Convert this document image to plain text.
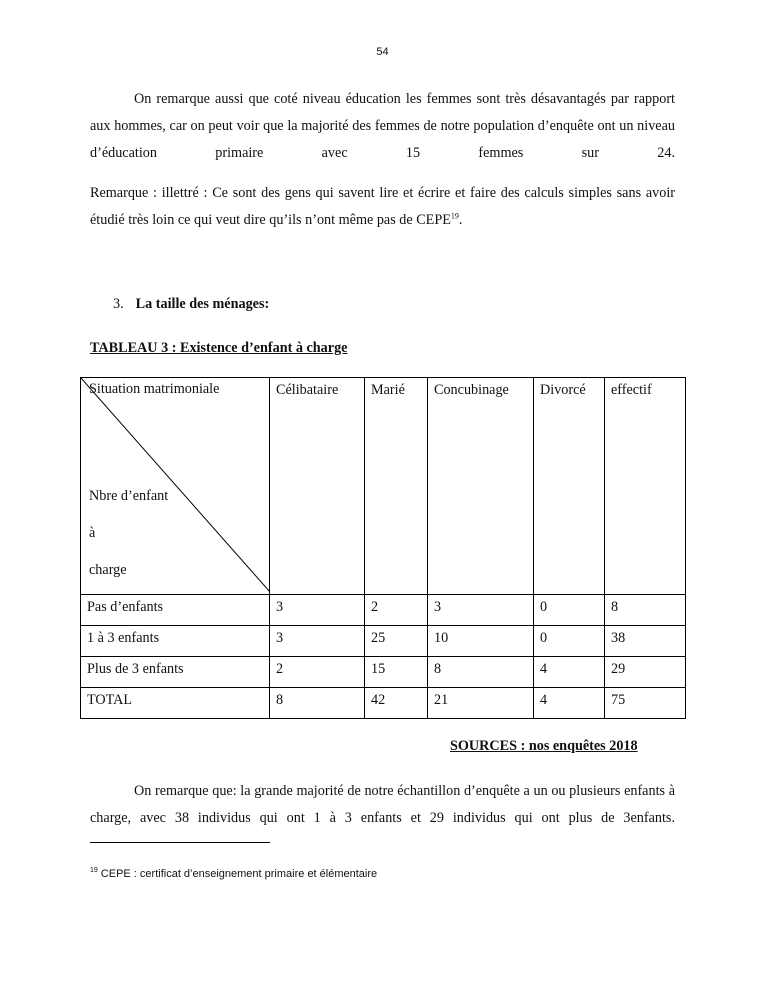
54

On remarque aussi que coté niveau éducation les femmes sont très désavantagés par rapport aux hommes, car on peut voir que la majorité des femmes de notre population d’enquête ont un niveau d’éducation primaire avec 15 femmes sur 24.

Remarque : illettré : Ce sont des gens qui savent lire et écrire et faire des calculs simples sans avoir étudié très loin ce qui veut dire qu’ils n’ont même pas de CEPE$^{19}$.

3. La taille des ménages:
TABLEAU 3 : Existence d’enfant à charge
Situation matrimoniale
Nbre d’enfant
à
charge	Célibataire	Marié	Concubinage	Divorcé	effectif
Pas d’enfants	3	2	3	0	8
1 à 3 enfants	3	25	10	0	38
Plus de 3 enfants	2	15	8	4	29
TOTAL	8	42	21	4	75
SOURCES : nos enquêtes 2018

On remarque que: la grande majorité de notre échantillon d’enquête a un ou plusieurs enfants à charge, avec 38 individus qui ont 1 à 3 enfants et 29 individus qui ont plus de 3enfants.

$^{19}$ CEPE : certificat d’enseignement primaire et élémentaire
